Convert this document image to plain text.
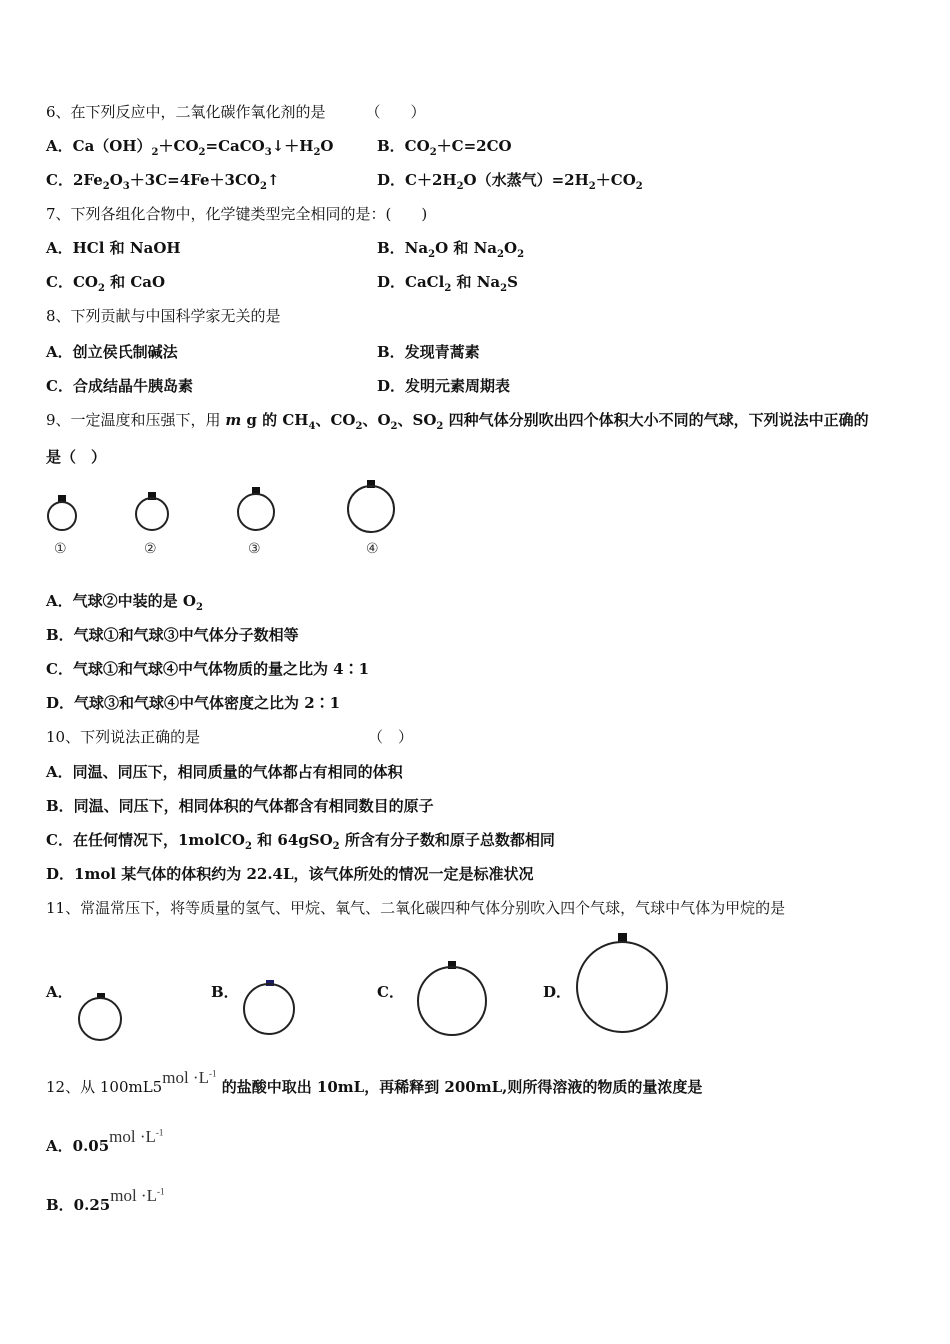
6、在下列反应中，二氧化碳作氧化剂的是	（　　）
A．$Ca(OH)_2+CO_2=CaCO_3↓+H_2O$	B．$CO_2+C=2CO$
C．$2Fe_2O_3+3C=4Fe+3CO_2↑$	D．$C+2H_2O$（水蒸气）$=2H_2+CO_2$
7、下列各组化合物中，化学键类型完全相同的是：(　　)
A．HCl 和 NaOH	B．$Na_2O$ 和 $Na_2O_2$
C．$CO_2$ 和 CaO	D．CaCl$_2$ 和 $Na_2S$
8、下列贡献与中国科学家无关的是
A．创立侯氏制碱法	B．发现青蒿素
C．合成结晶牛胰岛素	D．发明元素周期表
9、一定温度和压强下，用 m g 的 $CH_4$、$CO_2$、$O_2$、$SO_2$ 四种气体分别吹出四个体积大小不同的气球，下列说法中正确的
是（　）
①	②	③	④
A．气球②中装的是 $O_2$
B．气球①和气球③中气体分子数相等
C．气球①和气球④中气体物质的量之比为 4∶1
D．气球③和气球④中气体密度之比为 2∶1
10、下列说法正确的是	（　）
A．同温、同压下，相同质量的气体都占有相同的体积
B．同温、同压下，相同体积的气体都含有相同数目的原子
C．在任何情况下，1molCO$_2$ 和 64gSO$_2$ 所含有分子数和原子总数都相同
D．1mol 某气体的体积约为 22.4L，该气体所处的情况一定是标准状况
11、常温常压下，将等质量的氢气、甲烷、氧气、二氧化碳四种气体分别吹入四个气球，气球中气体为甲烷的是
A．	B．	C．	D．
12、从 $100mL5mol \cdot L^{-1}$ 的盐酸中取出 10mL，再稀释到 200mL,则所得溶液的物质的量浓度是
A．$0.05mol \cdot L^{-1}$
B．$0.25mol \cdot L^{-1}$
